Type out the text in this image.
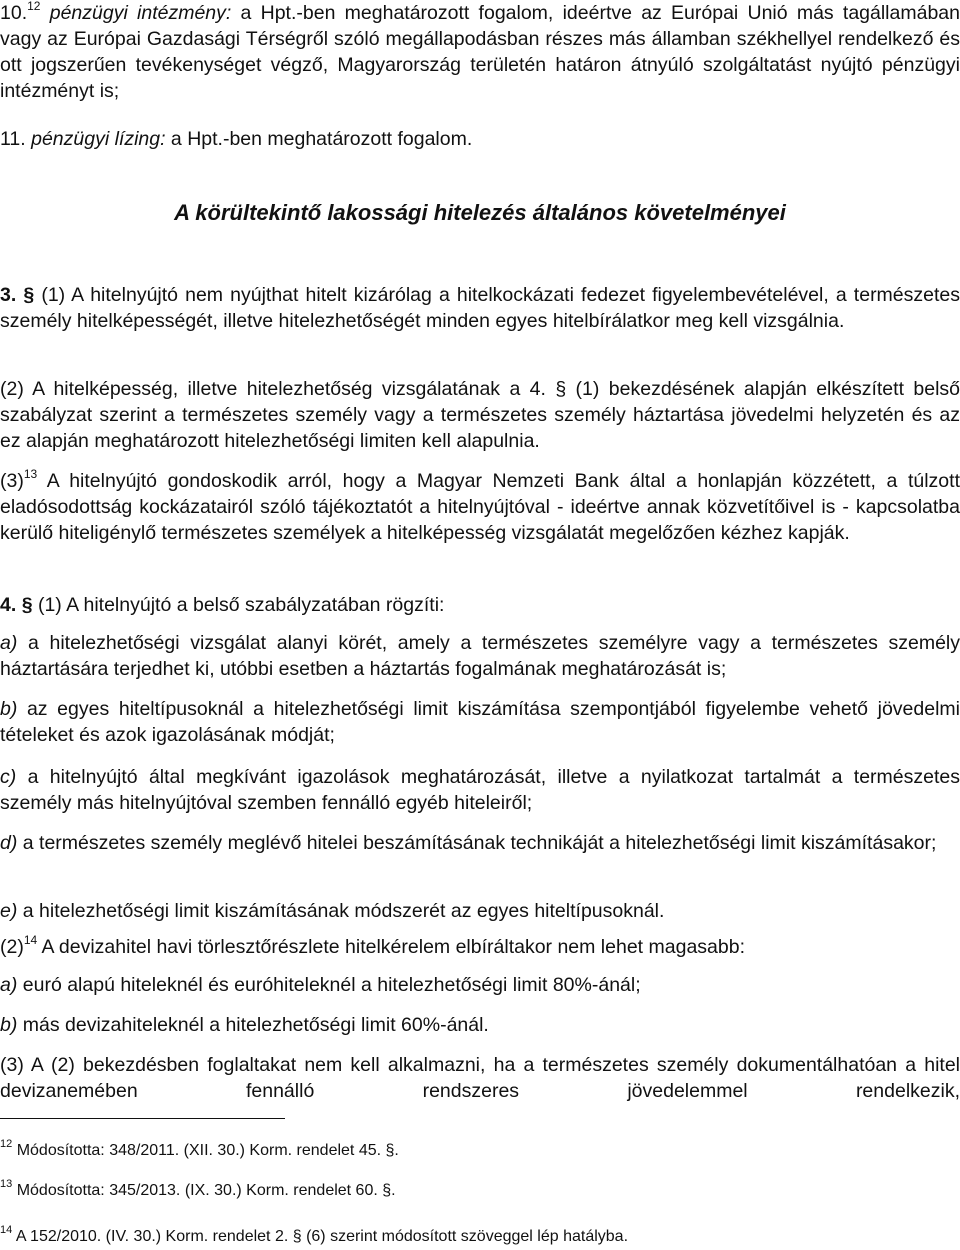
10.12 pénzügyi intézmény: a Hpt.-ben meghatározott fogalom, ideértve az Európai Unió más tagállamában vagy az Európai Gazdasági Térségről szóló megállapodásban részes más államban székhellyel rendelkező és ott jogszerűen tevékenységet végző, Magyarország területén határon átnyúló szolgáltatást nyújtó pénzügyi intézményt is;

11. pénzügyi lízing: a Hpt.-ben meghatározott fogalom.

A körültekintő lakossági hitelezés általános követelményei

3. § (1) A hitelnyújtó nem nyújthat hitelt kizárólag a hitelkockázati fedezet figyelembevételével, a természetes személy hitelképességét, illetve hitelezhetőségét minden egyes hitelbírálatkor meg kell vizsgálnia.

(2) A hitelképesség, illetve hitelezhetőség vizsgálatának a 4. § (1) bekezdésének alapján elkészített belső szabályzat szerint a természetes személy vagy a természetes személy háztartása jövedelmi helyzetén és az ez alapján meghatározott hitelezhetőségi limiten kell alapulnia.

$(3)^{13}$ A hitelnyújtó gondoskodik arról, hogy a Magyar Nemzeti Bank által a honlapján közzétett, a túlzott eladósodottság kockázatairól szóló tájékoztatót a hitelnyújtóval - ideértve annak közvetítőivel is - kapcsolatba kerülő hiteligénylő természetes személyek a hitelképesség vizsgálatát megelőzően kézhez kapják.

4. § (1) A hitelnyújtó a belső szabályzatában rögzíti:

a) a hitelezhetőségi vizsgálat alanyi körét, amely a természetes személyre vagy a természetes személy háztartására terjedhet ki, utóbbi esetben a háztartás fogalmának meghatározását is;

b) az egyes hiteltípusoknál a hitelezhetőségi limit kiszámítása szempontjából figyelembe vehető jövedelmi tételeket és azok igazolásának módját;

c) a hitelnyújtó által megkívánt igazolások meghatározását, illetve a nyilatkozat tartalmát a természetes személy más hitelnyújtóval szemben fennálló egyéb hiteleiről;

d) a természetes személy meglévő hitelei beszámításának technikáját a hitelezhetőségi limit kiszámításakor;

e) a hitelezhetőségi limit kiszámításának módszerét az egyes hiteltípusoknál.

$(2)^{14}$ A devizahitel havi törlesztőrészlete hitelkérelem elbíráltakor nem lehet magasabb:

a) euró alapú hiteleknél és euróhiteleknél a hitelezhetőségi limit 80%-ánál;

b) más devizahiteleknél a hitelezhetőségi limit 60%-ánál.

(3) A (2) bekezdésben foglaltakat nem kell alkalmazni, ha a természetes személy dokumentálhatóan a hitel devizanemében fennálló rendszeres jövedelemmel rendelkezik,

$^{12}$ Módosította: 348/2011. (XII. 30.) Korm. rendelet 45. §.
$^{13}$ Módosította: 345/2013. (IX. 30.) Korm. rendelet 60. §.
$^{14}$ A 152/2010. (IV. 30.) Korm. rendelet 2. § (6) szerint módosított szöveggel lép hatályba.
